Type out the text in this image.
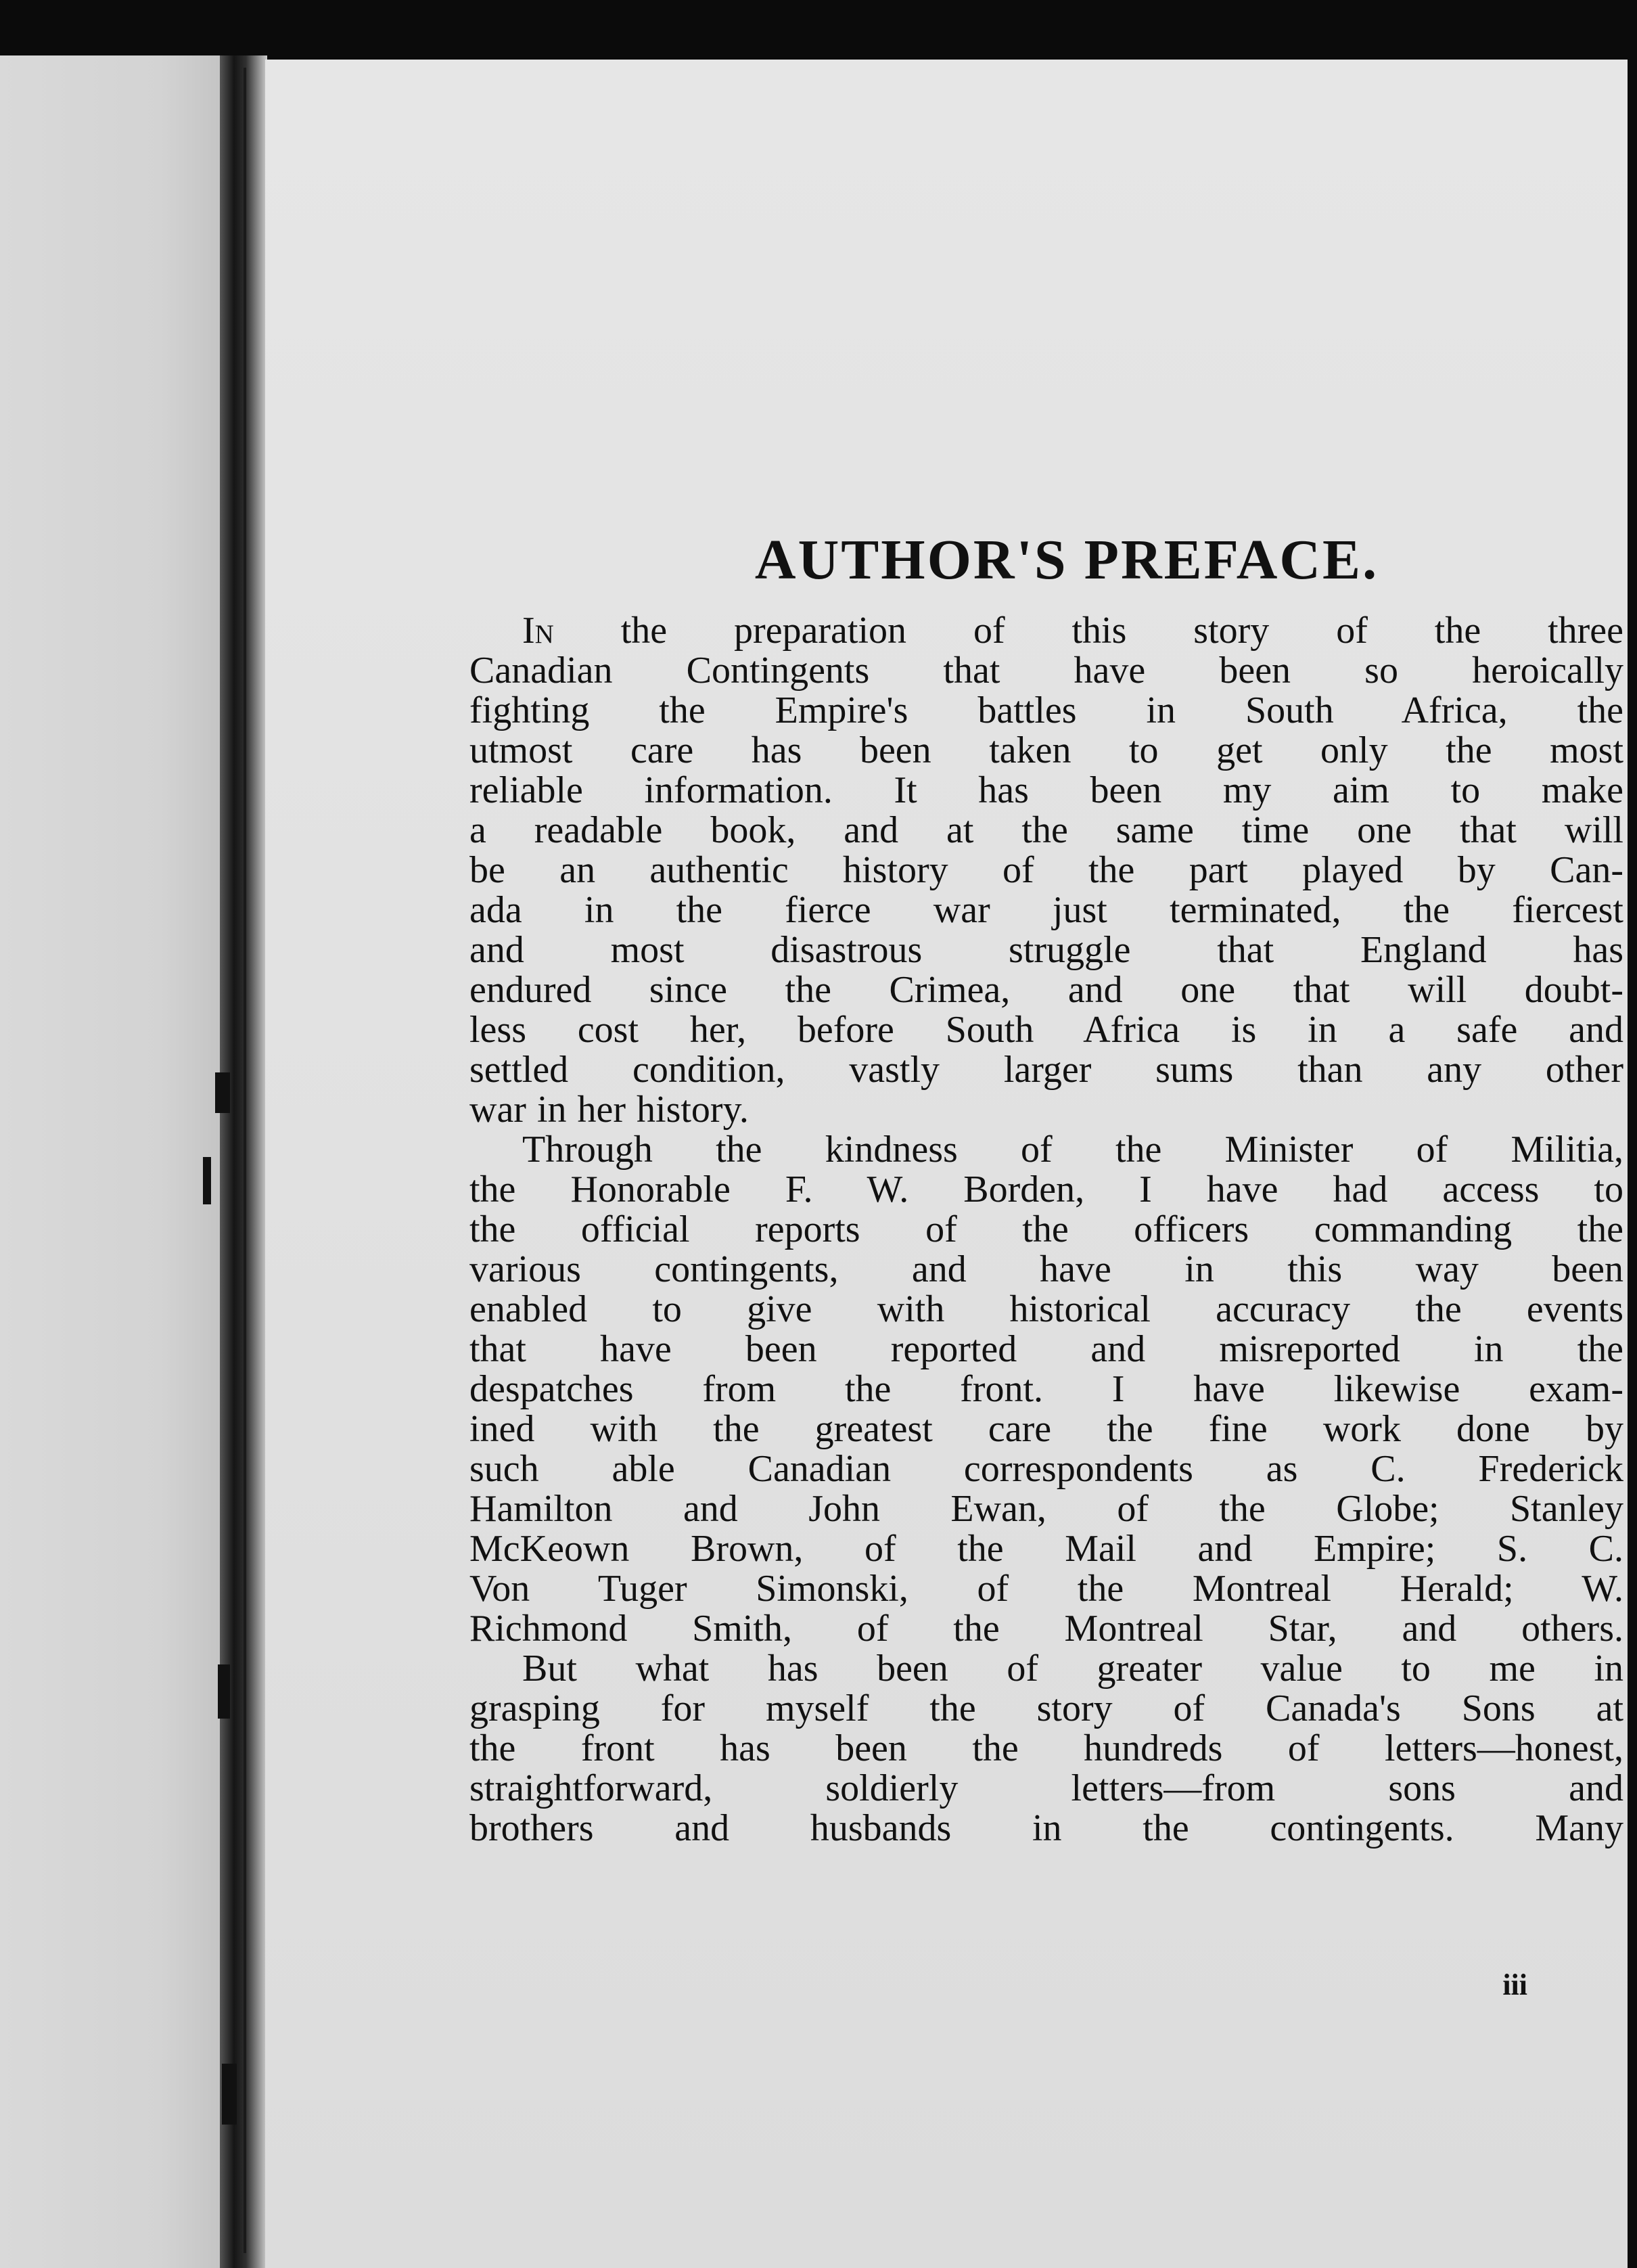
AUTHOR'S PREFACE.
In the preparation of this story of the three
Canadian Contingents that have been so heroically
fighting the Empire's battles in South Africa, the
utmost care has been taken to get only the most
reliable information. It has been my aim to make
a readable book, and at the same time one that will
be an authentic history of the part played by Can-
ada in the fierce war just terminated, the fiercest
and most disastrous struggle that England has
endured since the Crimea, and one that will doubt-
less cost her, before South Africa is in a safe and
settled condition, vastly larger sums than any other
war in her history.
Through the kindness of the Minister of Militia,
the Honorable F. W. Borden, I have had access to
the official reports of the officers commanding the
various contingents, and have in this way been
enabled to give with historical accuracy the events
that have been reported and misreported in the
despatches from the front. I have likewise exam-
ined with the greatest care the fine work done by
such able Canadian correspondents as C. Frederick
Hamilton and John Ewan, of the Globe; Stanley
McKeown Brown, of the Mail and Empire; S. C.
Von Tuger Simonski, of the Montreal Herald; W.
Richmond Smith, of the Montreal Star, and others.
But what has been of greater value to me in
grasping for myself the story of Canada's Sons at
the front has been the hundreds of letters—honest,
straightforward, soldierly letters—from sons and
brothers and husbands in the contingents. Many
iii
